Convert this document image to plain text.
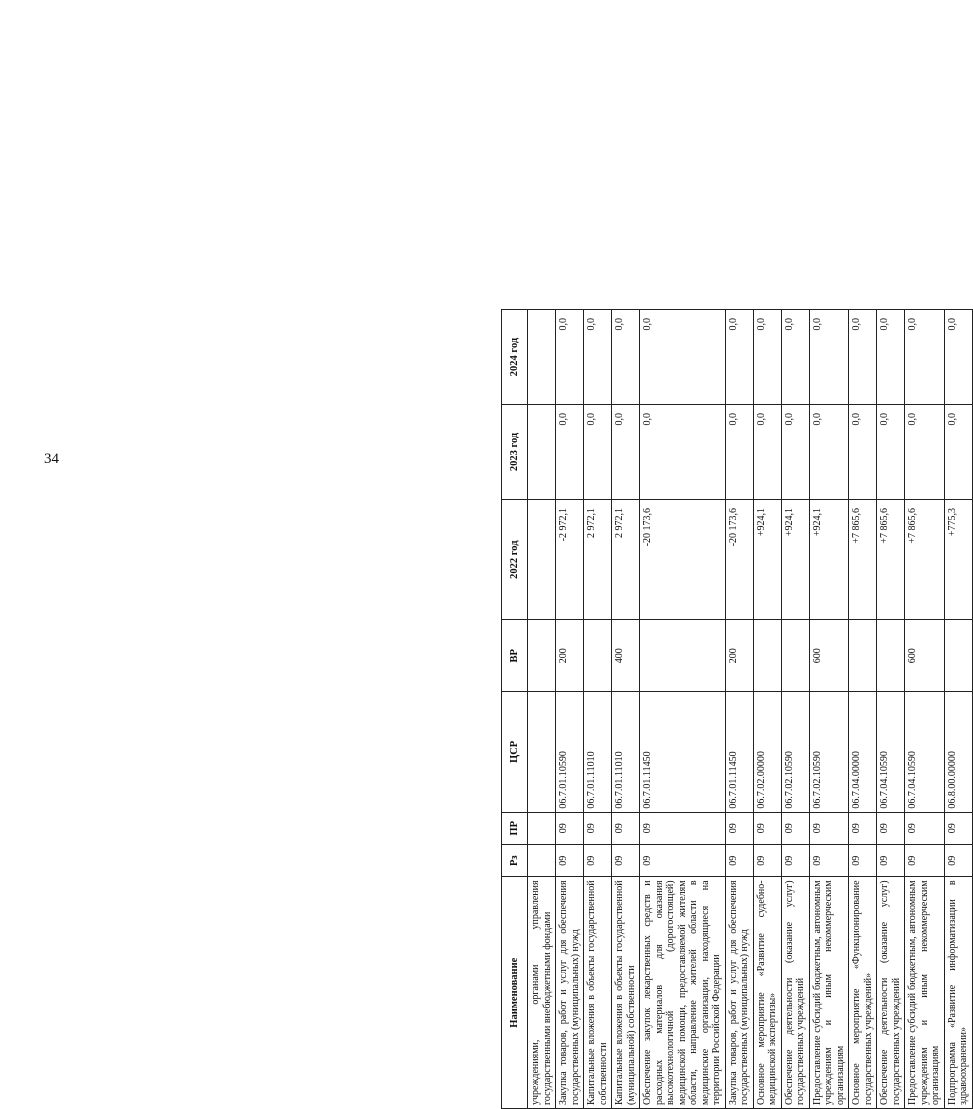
34
Наименование	Рз	ПР	ЦСР	ВР	2022 год	2023 год	2024 год
учреждениями, органами управления государственными внебюджетными фондами							
Закупка товаров, работ и услуг для обеспечения государственных (муниципальных) нужд	09	09	06.7.01.10590	200	-2 972,1	0,0	0,0
Капитальные вложения в объекты государственной собственности	09	09	06.7.01.11010		2 972,1	0,0	0,0
Капитальные вложения в объекты государственной (муниципальной) собственности	09	09	06.7.01.11010	400	2 972,1	0,0	0,0
Обеспечение закупок лекарственных средств и расходных материалов для оказания высокотехнологичной (дорогостоящей) медицинской помощи, предоставляемой жителям области, направление жителей области в медицинские организации, находящиеся на территории Российской Федерации	09	09	06.7.01.11450		-20 173,6	0,0	0,0
Закупка товаров, работ и услуг для обеспечения государственных (муниципальных) нужд	09	09	06.7.01.11450	200	-20 173,6	0,0	0,0
Основное мероприятие «Развитие судебно-медицинской экспертизы»	09	09	06.7.02.00000		+924,1	0,0	0,0
Обеспечение деятельности (оказание услуг) государственных учреждений	09	09	06.7.02.10590		+924,1	0,0	0,0
Предоставление субсидий бюджетным, автономным учреждениям и иным некоммерческим организациям	09	09	06.7.02.10590	600	+924,1	0,0	0,0
Основное мероприятие «Функционирование государственных учреждений»	09	09	06.7.04.00000		+7 865,6	0,0	0,0
Обеспечение деятельности (оказание услуг) государственных учреждений	09	09	06.7.04.10590		+7 865,6	0,0	0,0
Предоставление субсидий бюджетным, автономным учреждениям и иным некоммерческим организациям	09	09	06.7.04.10590	600	+7 865,6	0,0	0,0
Подпрограмма «Развитие информатизации в здравоохранении»	09	09	06.8.00.00000		+775,3	0,0	0,0
